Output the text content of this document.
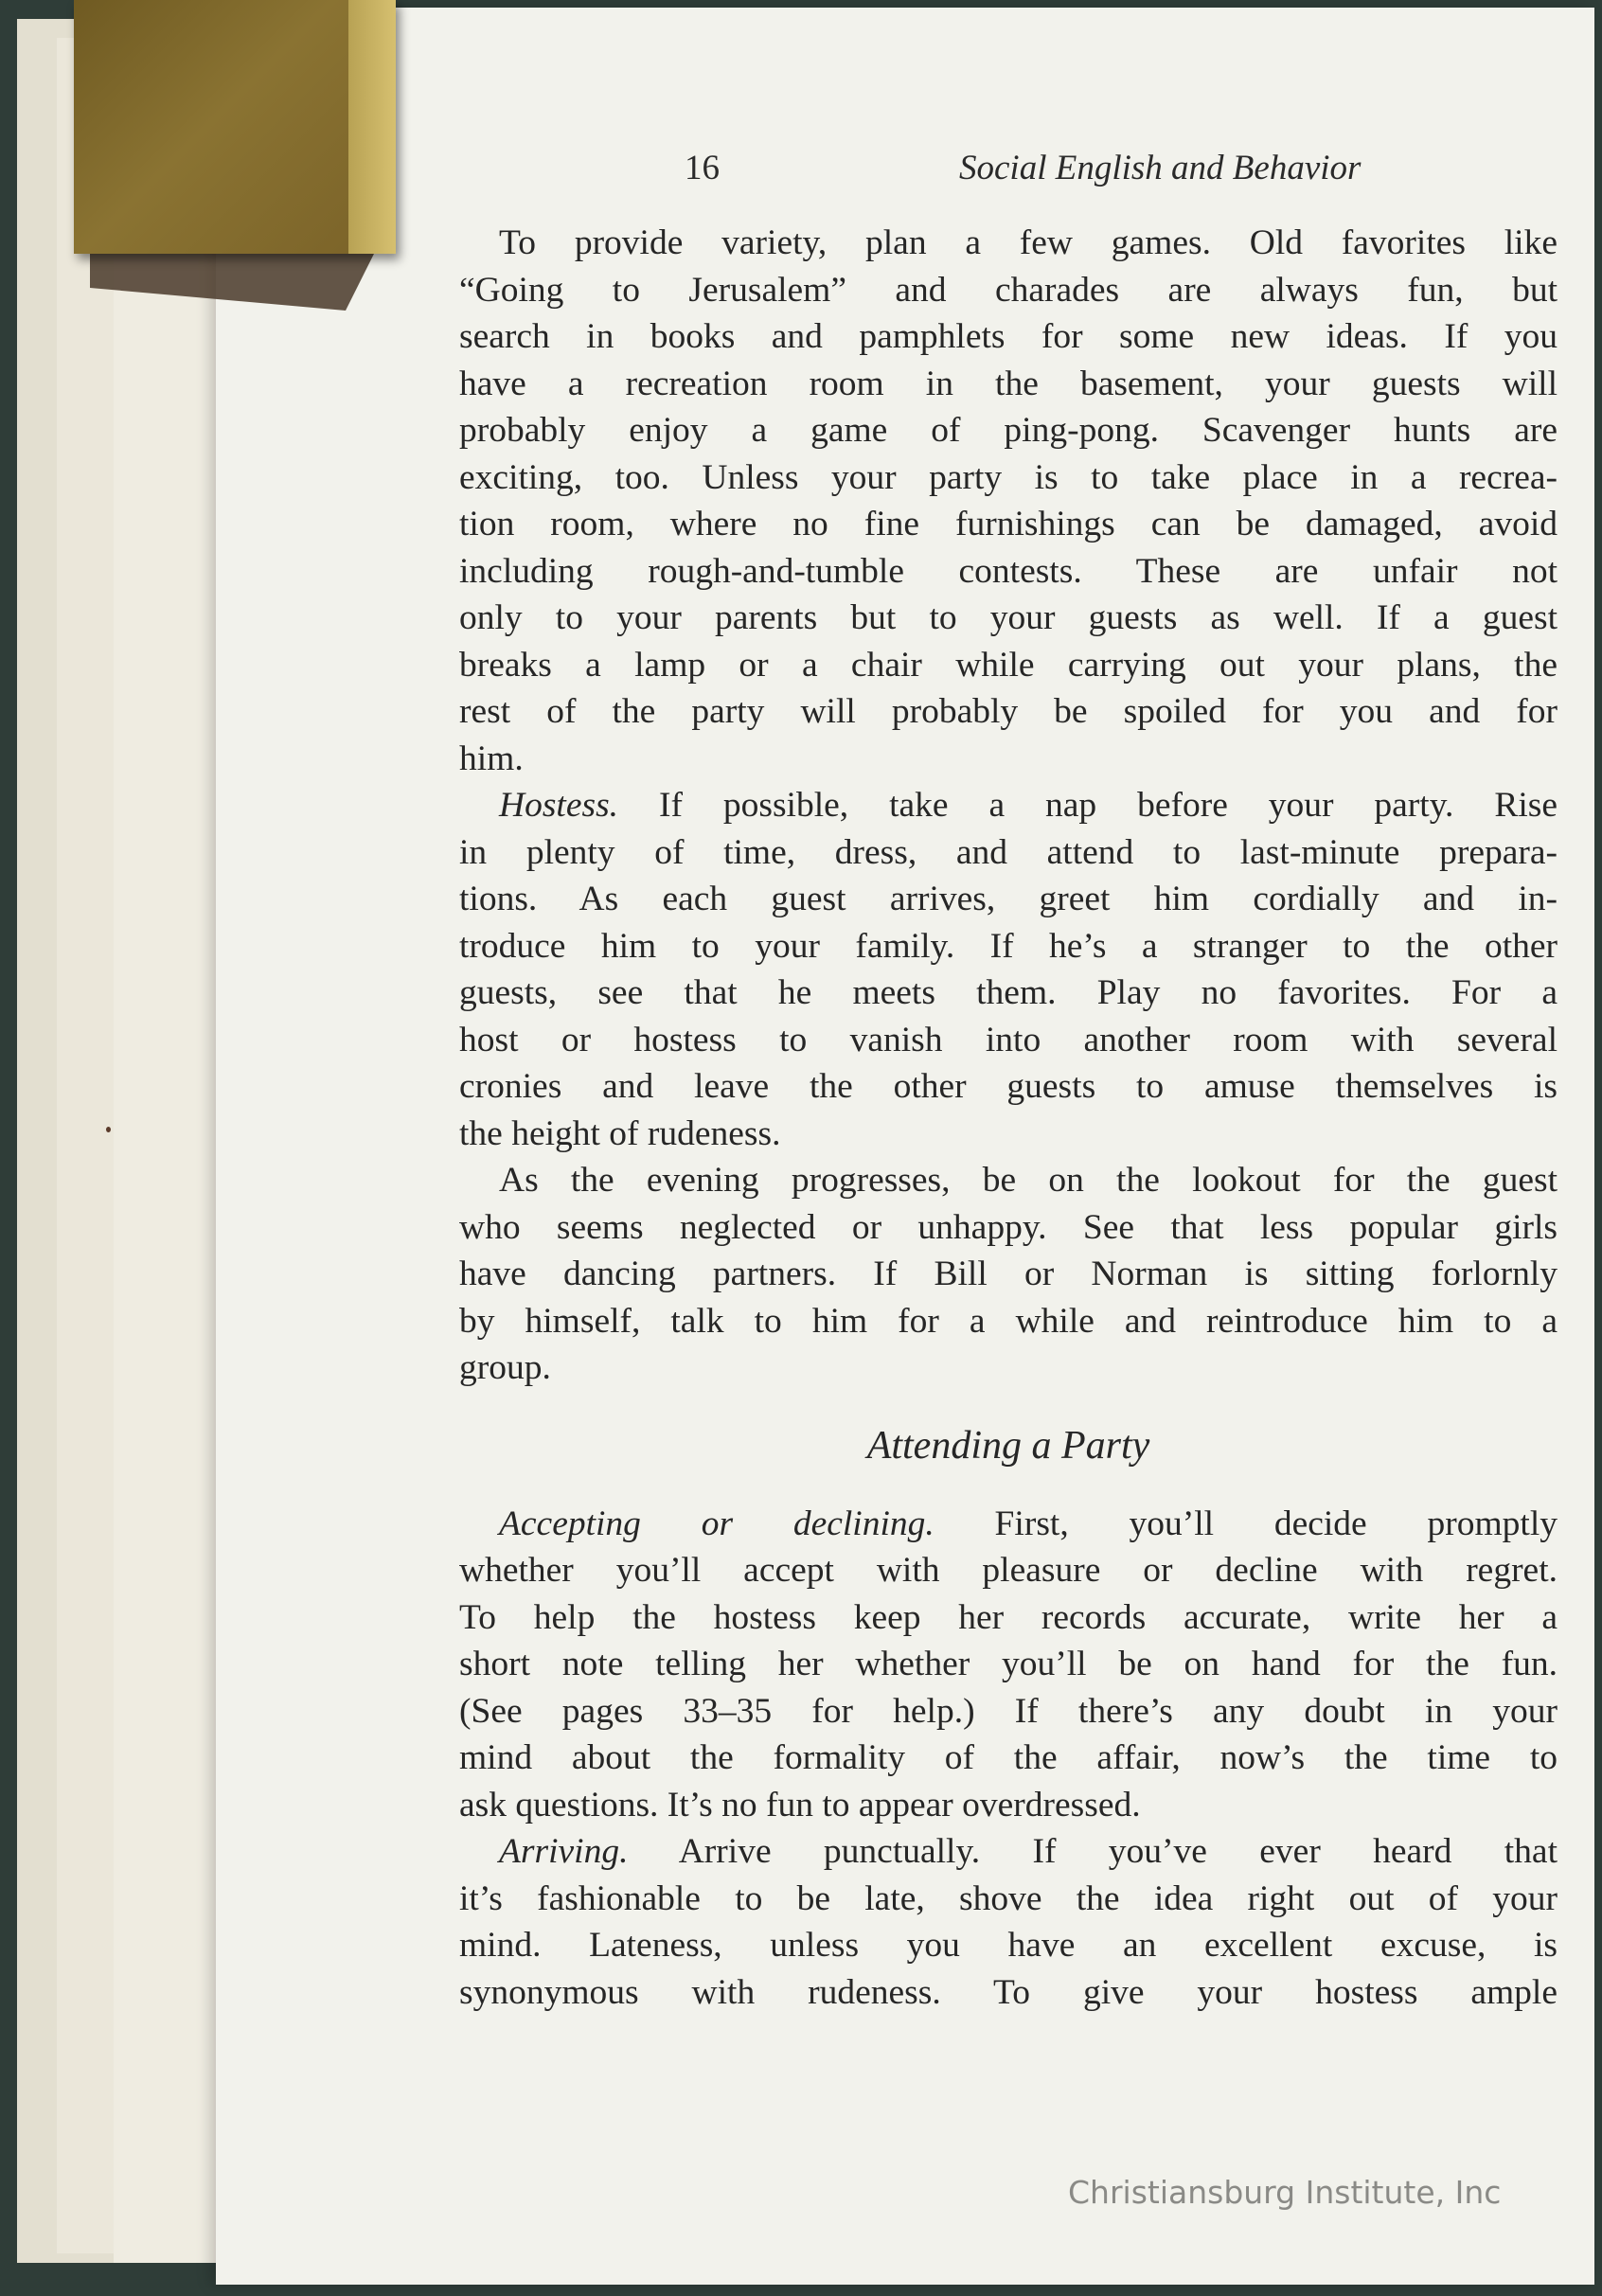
16	Social English and Behavior
To provide variety, plan a few games. Old favorites like
“Going to Jerusalem” and charades are always fun, but
search in books and pamphlets for some new ideas. If you
have a recreation room in the basement, your guests will
probably enjoy a game of ping-pong. Scavenger hunts are
exciting, too. Unless your party is to take place in a recrea-
tion room, where no fine furnishings can be damaged, avoid
including rough-and-tumble contests. These are unfair not
only to your parents but to your guests as well. If a guest
breaks a lamp or a chair while carrying out your plans, the
rest of the party will probably be spoiled for you and for
him.
Hostess. If possible, take a nap before your party. Rise
in plenty of time, dress, and attend to last-minute prepara-
tions. As each guest arrives, greet him cordially and in-
troduce him to your family. If he’s a stranger to the other
guests, see that he meets them. Play no favorites. For a
host or hostess to vanish into another room with several
cronies and leave the other guests to amuse themselves is
the height of rudeness.
As the evening progresses, be on the lookout for the guest
who seems neglected or unhappy. See that less popular girls
have dancing partners. If Bill or Norman is sitting forlornly
by himself, talk to him for a while and reintroduce him to a
group.
Attending a Party
Accepting or declining. First, you’ll decide promptly
whether you’ll accept with pleasure or decline with regret.
To help the hostess keep her records accurate, write her a
short note telling her whether you’ll be on hand for the fun.
(See pages 33–35 for help.) If there’s any doubt in your
mind about the formality of the affair, now’s the time to
ask questions. It’s no fun to appear overdressed.
Arriving. Arrive punctually. If you’ve ever heard that
it’s fashionable to be late, shove the idea right out of your
mind. Lateness, unless you have an excellent excuse, is
synonymous with rudeness. To give your hostess ample
Christiansburg Institute, Inc
